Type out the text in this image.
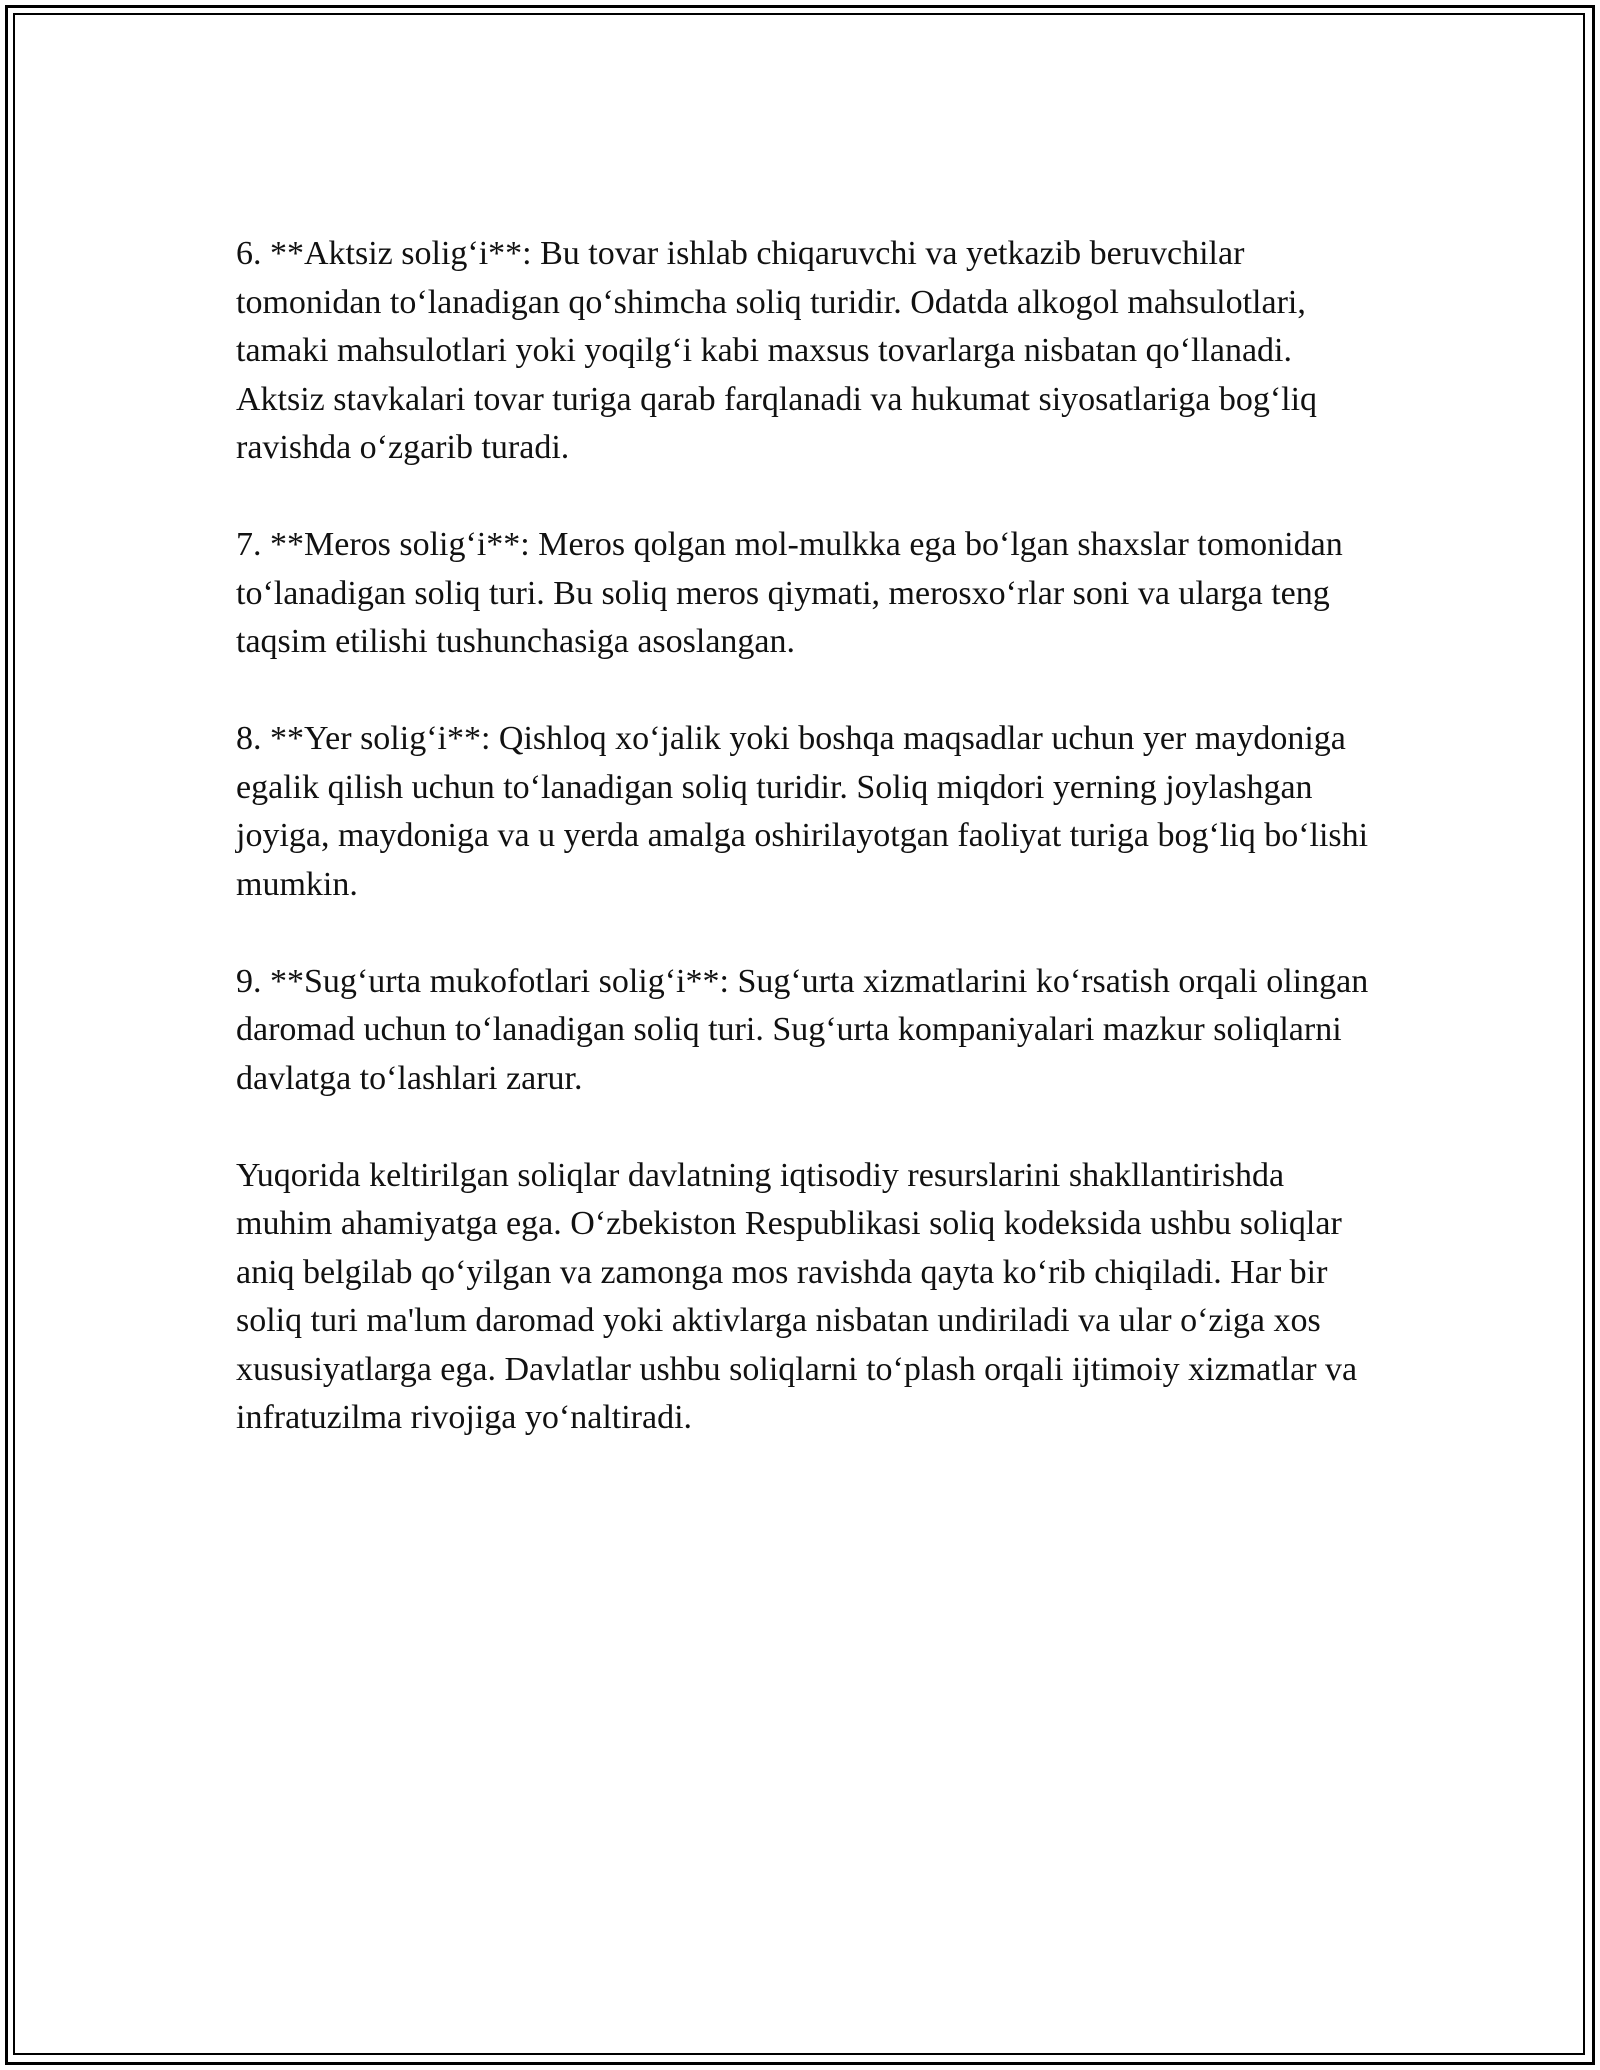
6. **Aktsiz solig‘i**: Bu tovar ishlab chiqaruvchi va yetkazib beruvchilar tomonidan to‘lanadigan qo‘shimcha soliq turidir. Odatda alkogol mahsulotlari, tamaki mahsulotlari yoki yoqilg‘i kabi maxsus tovarlarga nisbatan qo‘llanadi. Aktsiz stavkalari tovar turiga qarab farqlanadi va hukumat siyosatlariga bog‘liq ravishda o‘zgarib turadi.

7. **Meros solig‘i**: Meros qolgan mol-mulkka ega bo‘lgan shaxslar tomonidan to‘lanadigan soliq turi. Bu soliq meros qiymati, merosxo‘rlar soni va ularga teng taqsim etilishi tushunchasiga asoslangan.

8. **Yer solig‘i**: Qishloq xo‘jalik yoki boshqa maqsadlar uchun yer maydoniga egalik qilish uchun to‘lanadigan soliq turidir. Soliq miqdori yerning joylashgan joyiga, maydoniga va u yerda amalga oshirilayotgan faoliyat turiga bog‘liq bo‘lishi mumkin.

9. **Sug‘urta mukofotlari solig‘i**: Sug‘urta xizmatlarini ko‘rsatish orqali olingan daromad uchun to‘lanadigan soliq turi. Sug‘urta kompaniyalari mazkur soliqlarni davlatga to‘lashlari zarur.

Yuqorida keltirilgan soliqlar davlatning iqtisodiy resurslarini shakllantirishda muhim ahamiyatga ega. O‘zbekiston Respublikasi soliq kodeksida ushbu soliqlar aniq belgilab qo‘yilgan va zamonga mos ravishda qayta ko‘rib chiqiladi. Har bir soliq turi ma'lum daromad yoki aktivlarga nisbatan undiriladi va ular o‘ziga xos xususiyatlarga ega. Davlatlar ushbu soliqlarni to‘plash orqali ijtimoiy xizmatlar va infratuzilma rivojiga yo‘naltiradi.
